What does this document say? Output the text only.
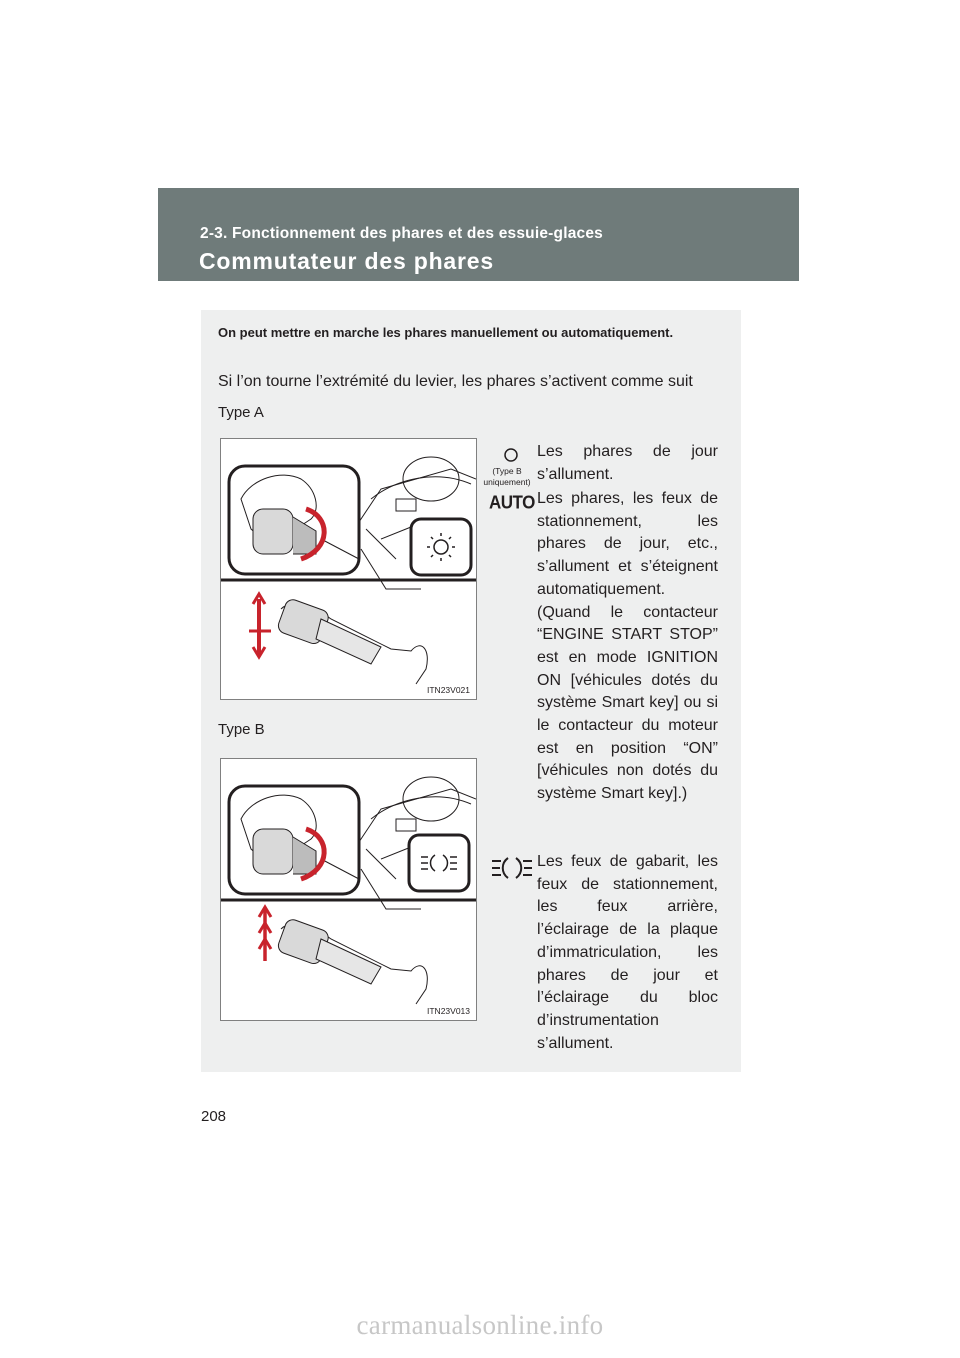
2-3. Fonctionnement des phares et des essuie-glaces
Commutateur des phares
On peut mettre en marche les phares manuellement ou automatiquement.
Si l’on tourne l’extrémité du levier, les phares s’activent comme suit
Type A
ITN23V021
Type B
ITN23V013
(Type B uniquement)
Les phares de jour s’allument.
AUTO Les phares, les feux de stationnement, les phares de jour, etc., s’allument et s’éteignent automatiquement.
(Quand le contacteur “ENGINE START STOP” est en mode IGNITION ON [véhicules dotés du système Smart key] ou si le contacteur du moteur est en position “ON” [véhicules non dotés du système Smart key].)
Les feux de gabarit, les feux de stationnement, les feux arrière, l’éclairage de la plaque d’immatriculation, les phares de jour et l’éclairage du bloc d’instrumentation s’allument.
208
carmanualsonline.info
